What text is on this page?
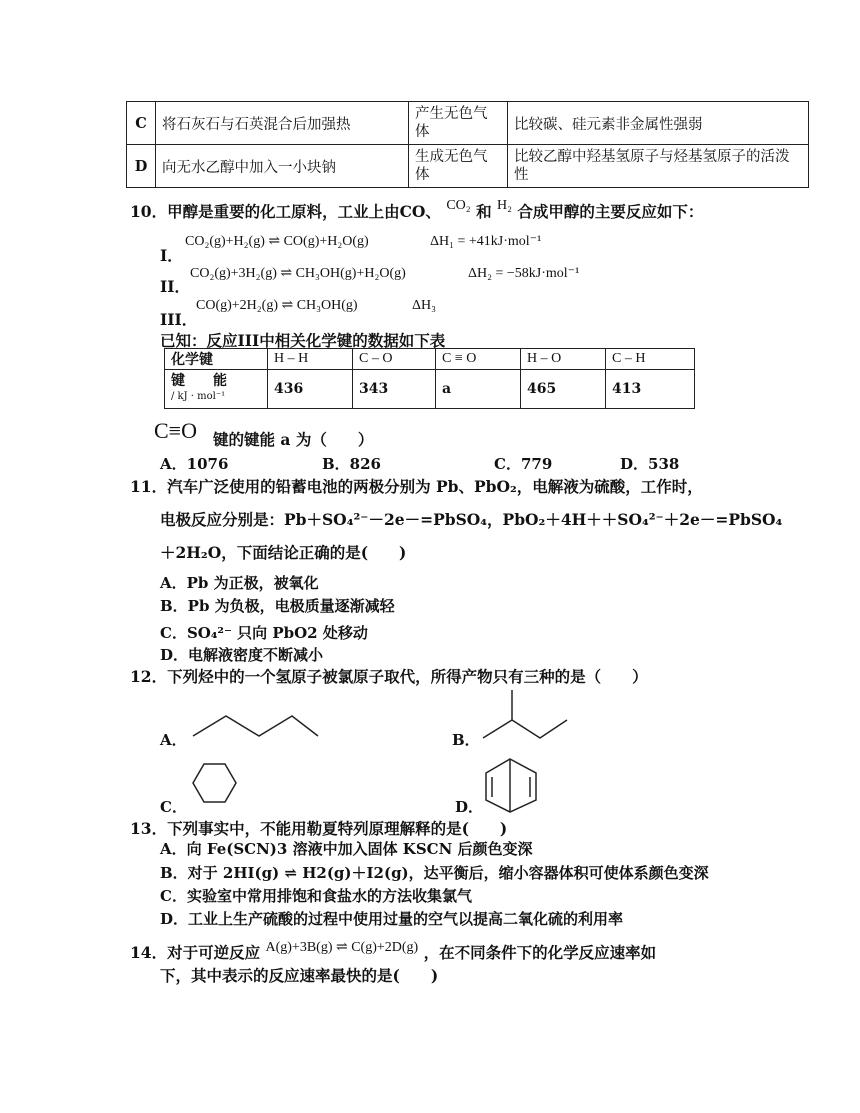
C	将石灰石与石英混合后加强热	产生无色气体	比较碳、硅元素非金属性强弱
D	向无水乙醇中加入一小块钠	生成无色气体	比较乙醇中羟基氢原子与烃基氢原子的活泼性
10．甲醇是重要的化工原料，工业上由CO、 CO₂ 和 H₂ 合成甲醇的主要反应如下：
I．
CO₂(g)+H₂(g) ⇌ CO(g)+H₂O(g)	ΔH₁ = +41kJ·mol⁻¹
II．
CO₂(g)+3H₂(g) ⇌ CH₃OH(g)+H₂O(g)	ΔH₂ = −58kJ·mol⁻¹
III．
CO(g)+2H₂(g) ⇌ CH₃OH(g)	ΔH₃
已知：反应III中相关化学键的数据如下表
化学键	H – H	C – O	C ≡ O	H – O	C – H

键　　能
/ kJ · mol⁻¹	436	343	a	465	413
C≡O 键的键能 a 为（　　）
A．1076	B．826	C．779	D．538
11．汽车广泛使用的铅蓄电池的两极分别为 Pb、PbO₂，电解液为硫酸，工作时，
电极反应分别是：Pb＋SO₄²⁻－2e－=PbSO₄，PbO₂＋4H＋＋SO₄²⁻＋2e－=PbSO₄
＋2H₂O，下面结论正确的是(　　)
A．Pb 为正极，被氧化
B．Pb 为负极，电极质量逐渐减轻
C．SO₄²⁻ 只向 PbO2 处移动
D．电解液密度不断减小
12．下列烃中的一个氢原子被氯原子取代，所得产物只有三种的是（　　）
A．	B．
C．	D．
13．下列事实中，不能用勒夏特列原理解释的是(　　)
A．向 Fe(SCN)3 溶液中加入固体 KSCN 后颜色变深
B．对于 2HI(g) ⇌ H2(g)＋I2(g)，达平衡后，缩小容器体积可使体系颜色变深
C．实验室中常用排饱和食盐水的方法收集氯气
D．工业上生产硫酸的过程中使用过量的空气以提高二氧化硫的利用率
14．对于可逆反应 A(g)+3B(g) ⇌ C(g)+2D(g) ，在不同条件下的化学反应速率如
下，其中表示的反应速率最快的是(　　)
